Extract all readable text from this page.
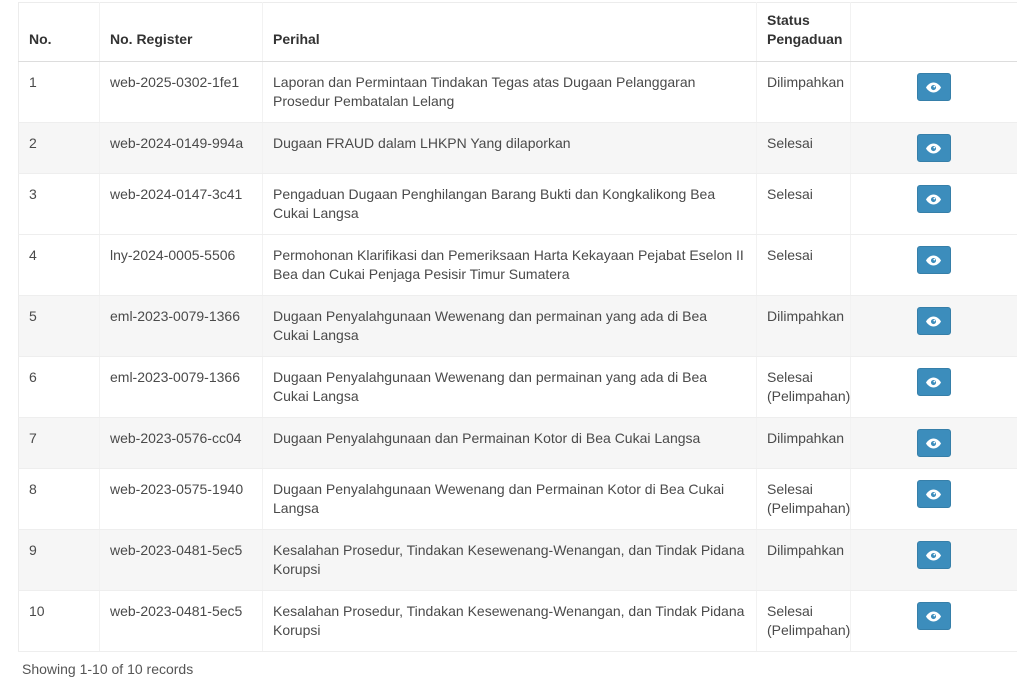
No.	No. Register	Perihal	Status Pengaduan	
1	web-2025-0302-1fe1	Laporan dan Permintaan Tindakan Tegas atas Dugaan Pelanggaran Prosedur Pembatalan Lelang	Dilimpahkan	
2	web-2024-0149-994a	Dugaan FRAUD dalam LHKPN Yang dilaporkan	Selesai	
3	web-2024-0147-3c41	Pengaduan Dugaan Penghilangan Barang Bukti dan Kongkalikong Bea Cukai Langsa	Selesai	
4	lny-2024-0005-5506	Permohonan Klarifikasi dan Pemeriksaan Harta Kekayaan Pejabat Eselon II Bea dan Cukai Penjaga Pesisir Timur Sumatera	Selesai	
5	eml-2023-0079-1366	Dugaan Penyalahgunaan Wewenang dan permainan yang ada di Bea Cukai Langsa	Dilimpahkan	
6	eml-2023-0079-1366	Dugaan Penyalahgunaan Wewenang dan permainan yang ada di Bea Cukai Langsa	Selesai (Pelimpahan)	
7	web-2023-0576-cc04	Dugaan Penyalahgunaan dan Permainan Kotor di Bea Cukai Langsa	Dilimpahkan	
8	web-2023-0575-1940	Dugaan Penyalahgunaan Wewenang dan Permainan Kotor di Bea Cukai Langsa	Selesai (Pelimpahan)	
9	web-2023-0481-5ec5	Kesalahan Prosedur, Tindakan Kesewenang-Wenangan, dan Tindak Pidana Korupsi	Dilimpahkan	
10	web-2023-0481-5ec5	Kesalahan Prosedur, Tindakan Kesewenang-Wenangan, dan Tindak Pidana Korupsi	Selesai (Pelimpahan)	
Showing 1-10 of 10 records
